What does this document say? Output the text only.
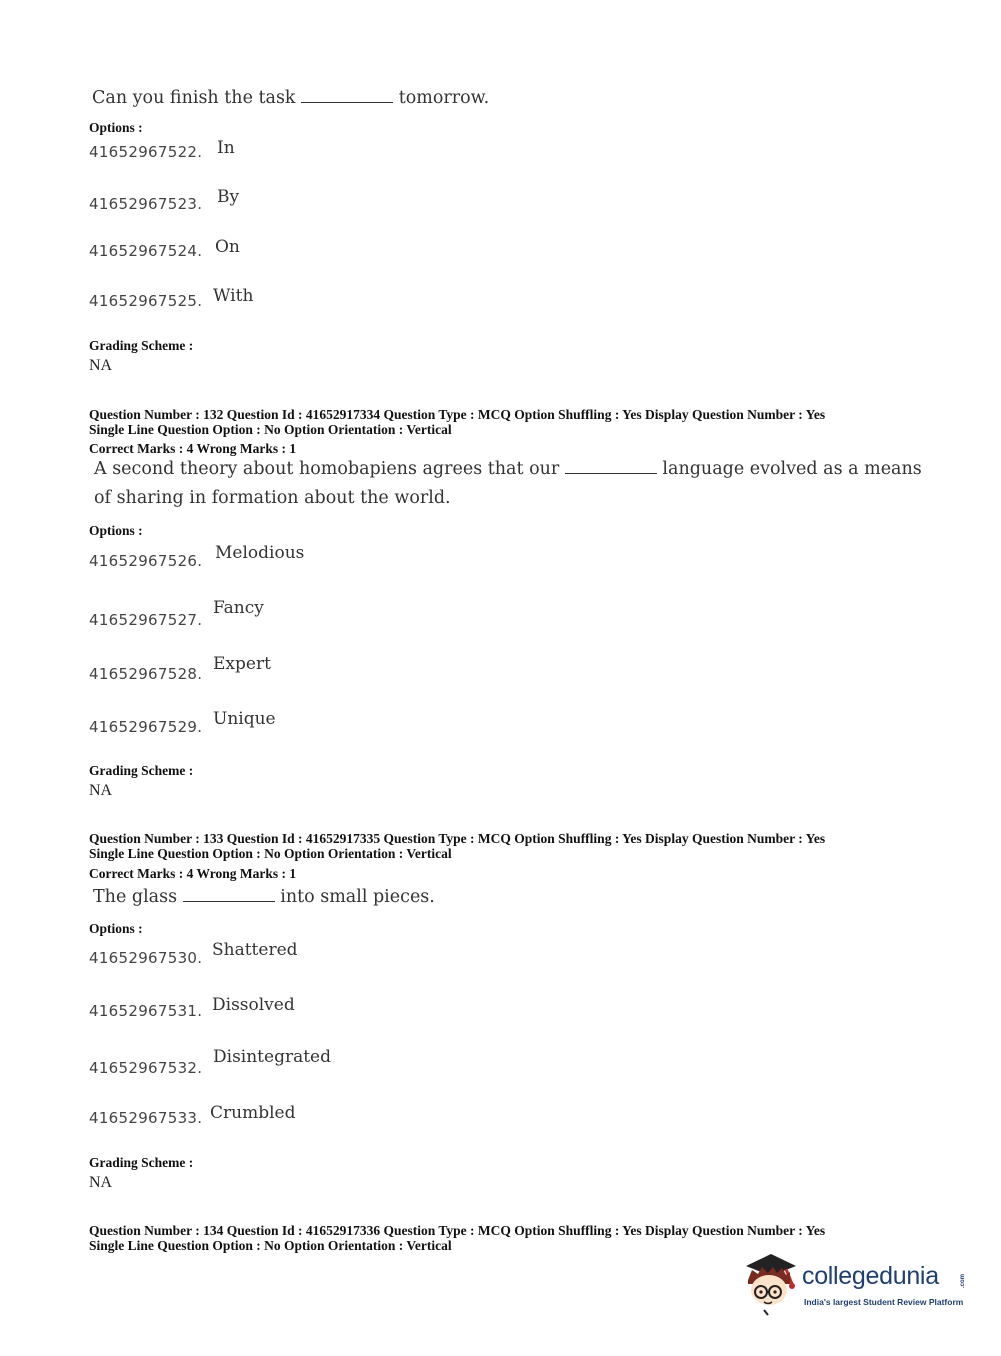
Can you finish the task	tomorrow.
Options :
41652967522. In
41652967523. By
41652967524. On
41652967525. With
Grading Scheme :
NA
Question Number : 132 Question Id : 41652917334 Question Type : MCQ Option Shuffling : Yes Display Question Number : Yes
Single Line Question Option : No Option Orientation : Vertical
Correct Marks : 4 Wrong Marks : 1
A second theory about homobapiens agrees that our	language evolved as a means
of sharing in formation about the world.
Options :
41652967526. Melodious
41652967527.
Fancy
41652967528. Expert
41652967529. Unique
Grading Scheme :
NA
Question Number : 133 Question Id : 41652917335 Question Type : MCQ Option Shuffling : Yes Display Question Number : Yes
Single Line Question Option : No Option Orientation : Vertical
Correct Marks : 4 Wrong Marks : 1
The glass	into small pieces.
Options :
41652967530. Shattered
41652967531. Dissolved
41652967532.
Disintegrated
41652967533. Crumbled
Grading Scheme :
NA
Question Number : 134 Question Id : 41652917336 Question Type : MCQ Option Shuffling : Yes Display Question Number : Yes
Single Line Question Option : No Option Orientation : Vertical
collegedunia	.com
India's largest Student Review Platform
